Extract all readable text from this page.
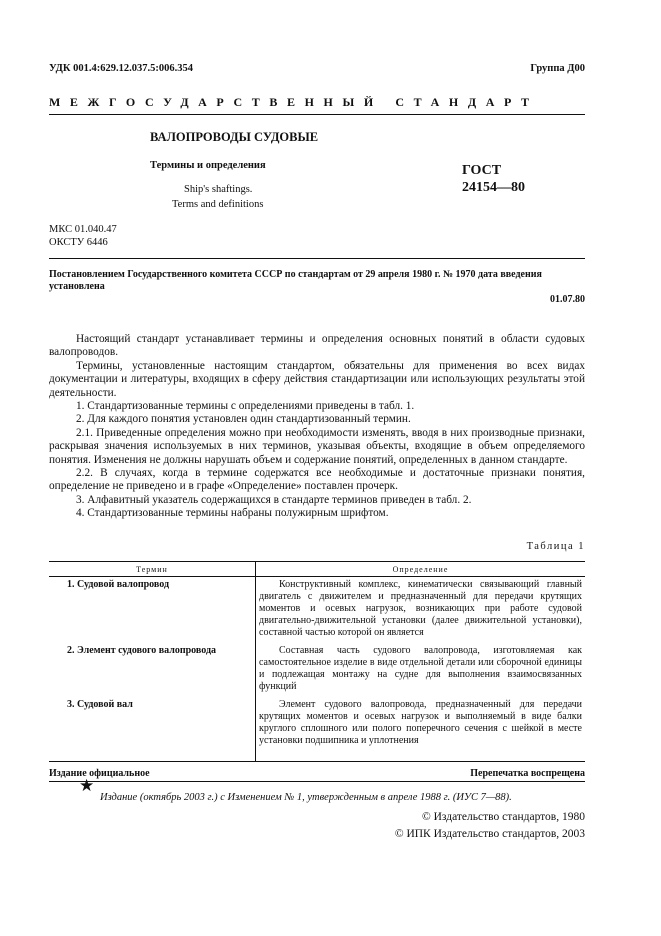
УДК 001.4:629.12.037.5:006.354	Группа Д00
МЕЖГОСУДАРСТВЕННЫЙ СТАНДАРТ
ВАЛОПРОВОДЫ СУДОВЫЕ
Термины и определения
Ship's shaftings.
Terms and definitions
ГОСТ
24154—80
МКС 01.040.47
ОКСТУ 6446
Постановлением Государственного комитета СССР по стандартам от 29 апреля 1980 г. № 1970 дата введения установлена
01.07.80

Настоящий стандарт устанавливает термины и определения основных понятий в области судовых валопроводов.

Термины, установленные настоящим стандартом, обязательны для применения во всех видах документации и литературы, входящих в сферу действия стандартизации или использующих результаты этой деятельности.

1. Стандартизованные термины с определениями приведены в табл. 1.

2. Для каждого понятия установлен один стандартизованный термин.

2.1. Приведенные определения можно при необходимости изменять, вводя в них производные признаки, раскрывая значения используемых в них терминов, указывая объекты, входящие в объем определяемого понятия. Изменения не должны нарушать объем и содержание понятий, определенных в данном стандарте.

2.2. В случаях, когда в термине содержатся все необходимые и достаточные признаки понятия, определение не приведено и в графе «Определение» поставлен прочерк.

3. Алфавитный указатель содержащихся в стандарте терминов приведен в табл. 2.

4. Стандартизованные термины набраны полужирным шрифтом.

Таблица 1
Термин	Определение
1. Судовой валопровод	Конструктивный комплекс, кинематически связывающий главный двигатель с движителем и предназначенный для передачи крутящих моментов и осевых нагрузок, возникающих при работе судовой двигательно-движительной установки (далее движительной установки), составной частью которой он является
2. Элемент судового валопровода	Составная часть судового валопровода, изготовляемая как самостоятельное изделие в виде отдельной детали или сборочной единицы и подлежащая монтажу на судне для выполнения взаимосвязанных функций
3. Судовой вал	Элемент судового валопровода, предназначенный для передачи крутящих моментов и осевых нагрузок и выполняемый в виде балки круглого сплошного или полого поперечного сечения с шейкой в месте установки подшипника и уплотнения
Издание официальное	Перепечатка воспрещена
★
Издание (октябрь 2003 г.) с Изменением № 1, утвержденным в апреле 1988 г. (ИУС 7—88).
© Издательство стандартов, 1980
© ИПК Издательство стандартов, 2003
